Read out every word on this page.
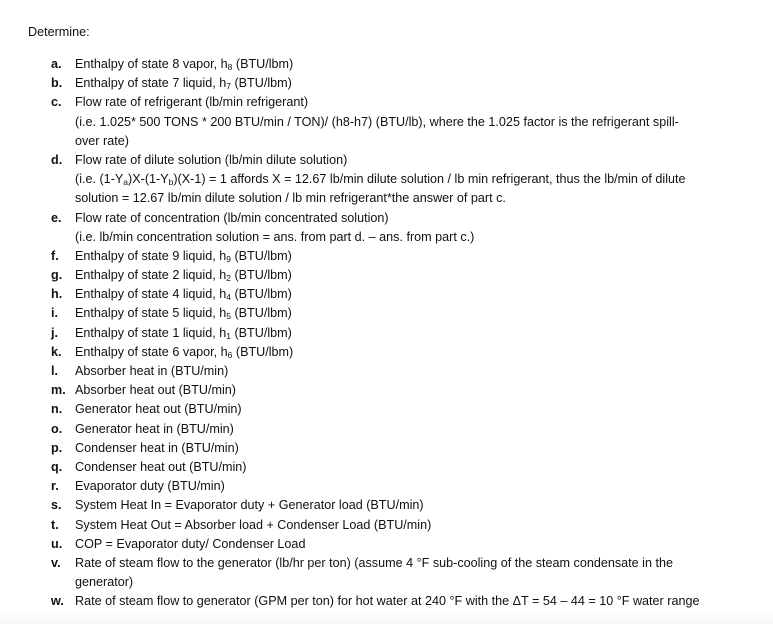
Determine:
a. Enthalpy of state 8 vapor, $h_8$ (BTU/lbm)
b. Enthalpy of state 7 liquid, $h_7$ (BTU/lbm)
c. Flow rate of refrigerant (lb/min refrigerant)
(i.e. 1.025* 500 TONS * 200 BTU/min / TON)/ (h8-h7) (BTU/lb), where the 1.025 factor is the refrigerant spill-
over rate)
d. Flow rate of dilute solution (lb/min dilute solution)
(i.e. $(1-Y_a)X-(1-Y_b)(X-1) = 1$ affords X = 12.67 lb/min dilute solution / lb min refrigerant, thus the lb/min of dilute
solution = 12.67 lb/min dilute solution / lb min refrigerant*the answer of part c.
e. Flow rate of concentration (lb/min concentrated solution)
(i.e. lb/min concentration solution = ans. from part d. – ans. from part c.)
f. Enthalpy of state 9 liquid, $h_9$ (BTU/lbm)
g. Enthalpy of state 2 liquid, $h_2$ (BTU/lbm)
h. Enthalpy of state 4 liquid, $h_4$ (BTU/lbm)
i. Enthalpy of state 5 liquid, $h_5$ (BTU/lbm)
j. Enthalpy of state 1 liquid, $h_1$ (BTU/lbm)
k. Enthalpy of state 6 vapor, $h_6$ (BTU/lbm)
l. Absorber heat in (BTU/min)
m. Absorber heat out (BTU/min)
n. Generator heat out (BTU/min)
o. Generator heat in (BTU/min)
p. Condenser heat in (BTU/min)
q. Condenser heat out (BTU/min)
r. Evaporator duty (BTU/min)
s. System Heat In = Evaporator duty + Generator load (BTU/min)
t. System Heat Out = Absorber load + Condenser Load (BTU/min)
u. COP = Evaporator duty/ Condenser Load
v. Rate of steam flow to the generator (lb/hr per ton) (assume 4 °F sub-cooling of the steam condensate in the
generator)
w. Rate of steam flow to generator (GPM per ton) for hot water at 240 °F with the ΔT = 54 – 44 = 10 °F water range
